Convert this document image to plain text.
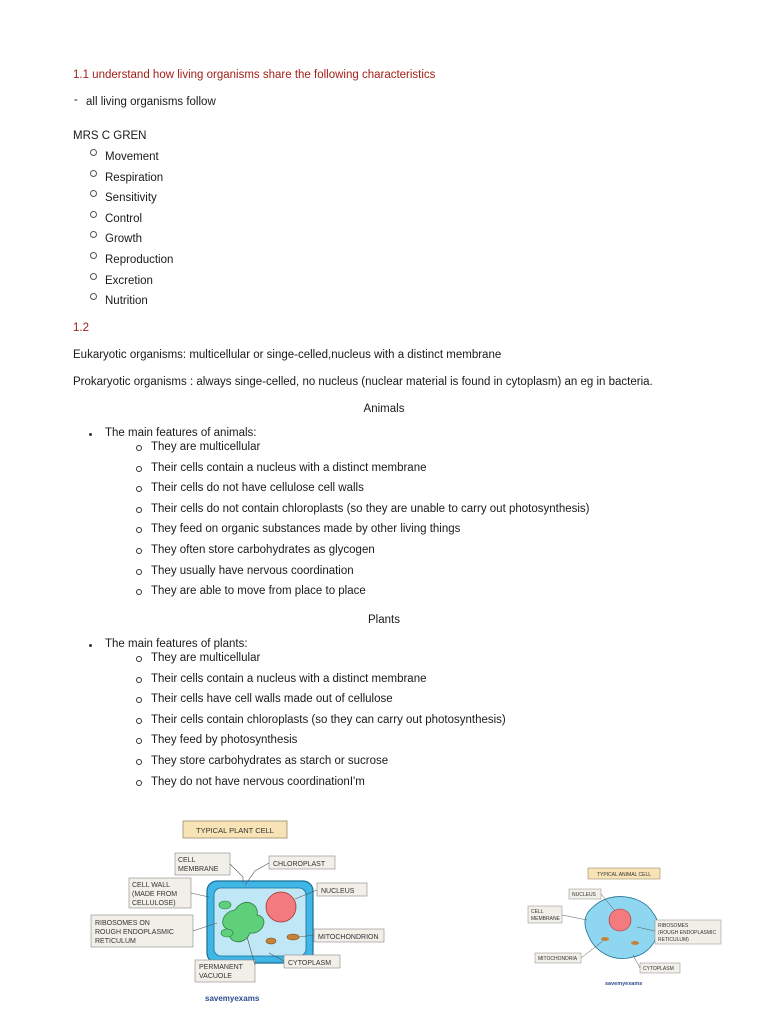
1.1 understand how living organisms share the following characteristics
- all living organisms follow
MRS C GREN
Movement
Respiration
Sensitivity
Control
Growth
Reproduction
Excretion
Nutrition
1.2
Eukaryotic organisms: multicellular or singe-celled,nucleus with a distinct membrane
Prokaryotic organisms : always singe-celled, no nucleus (nuclear material is found in cytoplasm) an eg in bacteria.
Animals
The main features of animals:
They are multicellular
Their cells contain a nucleus with a distinct membrane
Their cells do not have cellulose cell walls
Their cells do not contain chloroplasts (so they are unable to carry out photosynthesis)
They feed on organic substances made by other living things
They often store carbohydrates as glycogen
They usually have nervous coordination
They are able to move from place to place
Plants
The main features of plants:
They are multicellular
Their cells contain a nucleus with a distinct membrane
Their cells have cell walls made out of cellulose
Their cells contain chloroplasts (so they can carry out photosynthesis)
They feed by photosynthesis
They store carbohydrates as starch or sucrose
They do not have nervous coordinationI'm
TYPICAL PLANT CELL
CELL
MEMBRANE
CELL WALL
(MADE FROM
CELLULOSE)
RIBOSOMES ON
ROUGH ENDOPLASMIC
RETICULUM
PERMANENT
VACUOLE
CHLOROPLAST
NUCLEUS
MITOCHONDRION
CYTOPLASM
savemyexams
TYPICAL ANIMAL CELL
NUCLEUS
CELL
MEMBRANE
MITOCHONDRIA
RIBOSOMES
(ROUGH ENDOPLASMIC
RETICULUM)
CYTOPLASM
savemyexams
